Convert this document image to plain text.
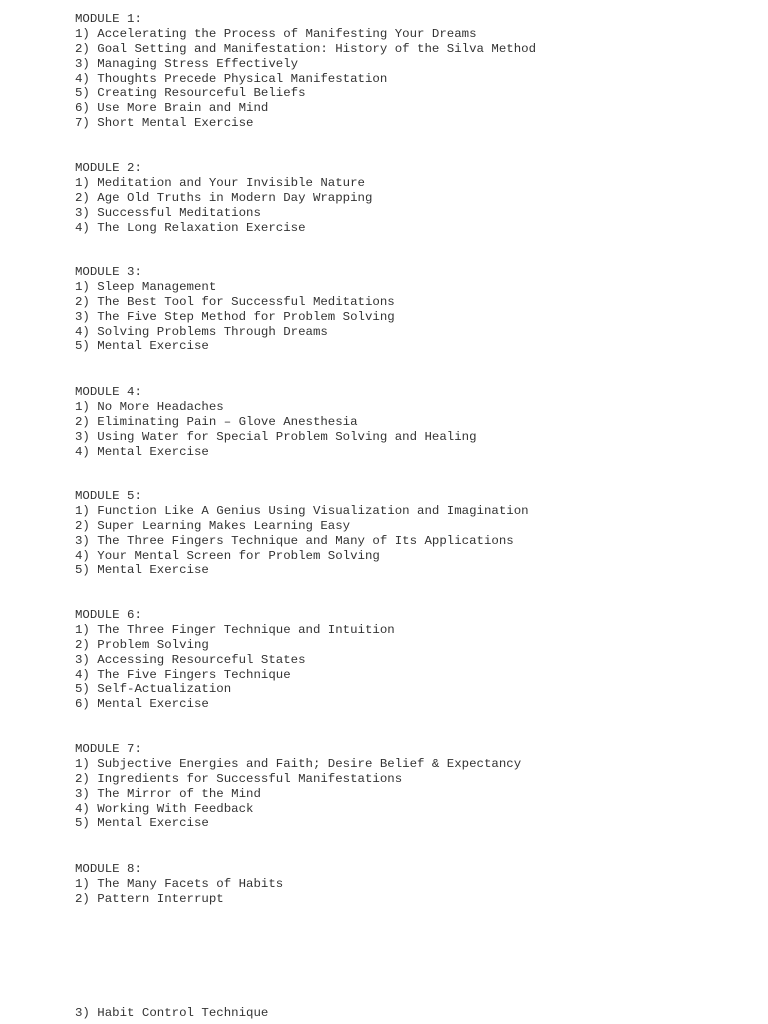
MODULE 1:
1) Accelerating the Process of Manifesting Your Dreams
2) Goal Setting and Manifestation: History of the Silva Method
3) Managing Stress Effectively
4) Thoughts Precede Physical Manifestation
5) Creating Resourceful Beliefs
6) Use More Brain and Mind
7) Short Mental Exercise
MODULE 2:
1) Meditation and Your Invisible Nature
2) Age Old Truths in Modern Day Wrapping
3) Successful Meditations
4) The Long Relaxation Exercise
MODULE 3:
1) Sleep Management
2) The Best Tool for Successful Meditations
3) The Five Step Method for Problem Solving
4) Solving Problems Through Dreams
5) Mental Exercise
MODULE 4:
1) No More Headaches
2) Eliminating Pain – Glove Anesthesia
3) Using Water for Special Problem Solving and Healing
4) Mental Exercise
MODULE 5:
1) Function Like A Genius Using Visualization and Imagination
2) Super Learning Makes Learning Easy
3) The Three Fingers Technique and Many of Its Applications
4) Your Mental Screen for Problem Solving
5) Mental Exercise
MODULE 6:
1) The Three Finger Technique and Intuition
2) Problem Solving
3) Accessing Resourceful States
4) The Five Fingers Technique
5) Self-Actualization
6) Mental Exercise
MODULE 7:
1) Subjective Energies and Faith; Desire Belief & Expectancy
2) Ingredients for Successful Manifestations
3) The Mirror of the Mind
4) Working With Feedback
5) Mental Exercise
MODULE 8:
1) The Many Facets of Habits
2) Pattern Interrupt
3) Habit Control Technique
